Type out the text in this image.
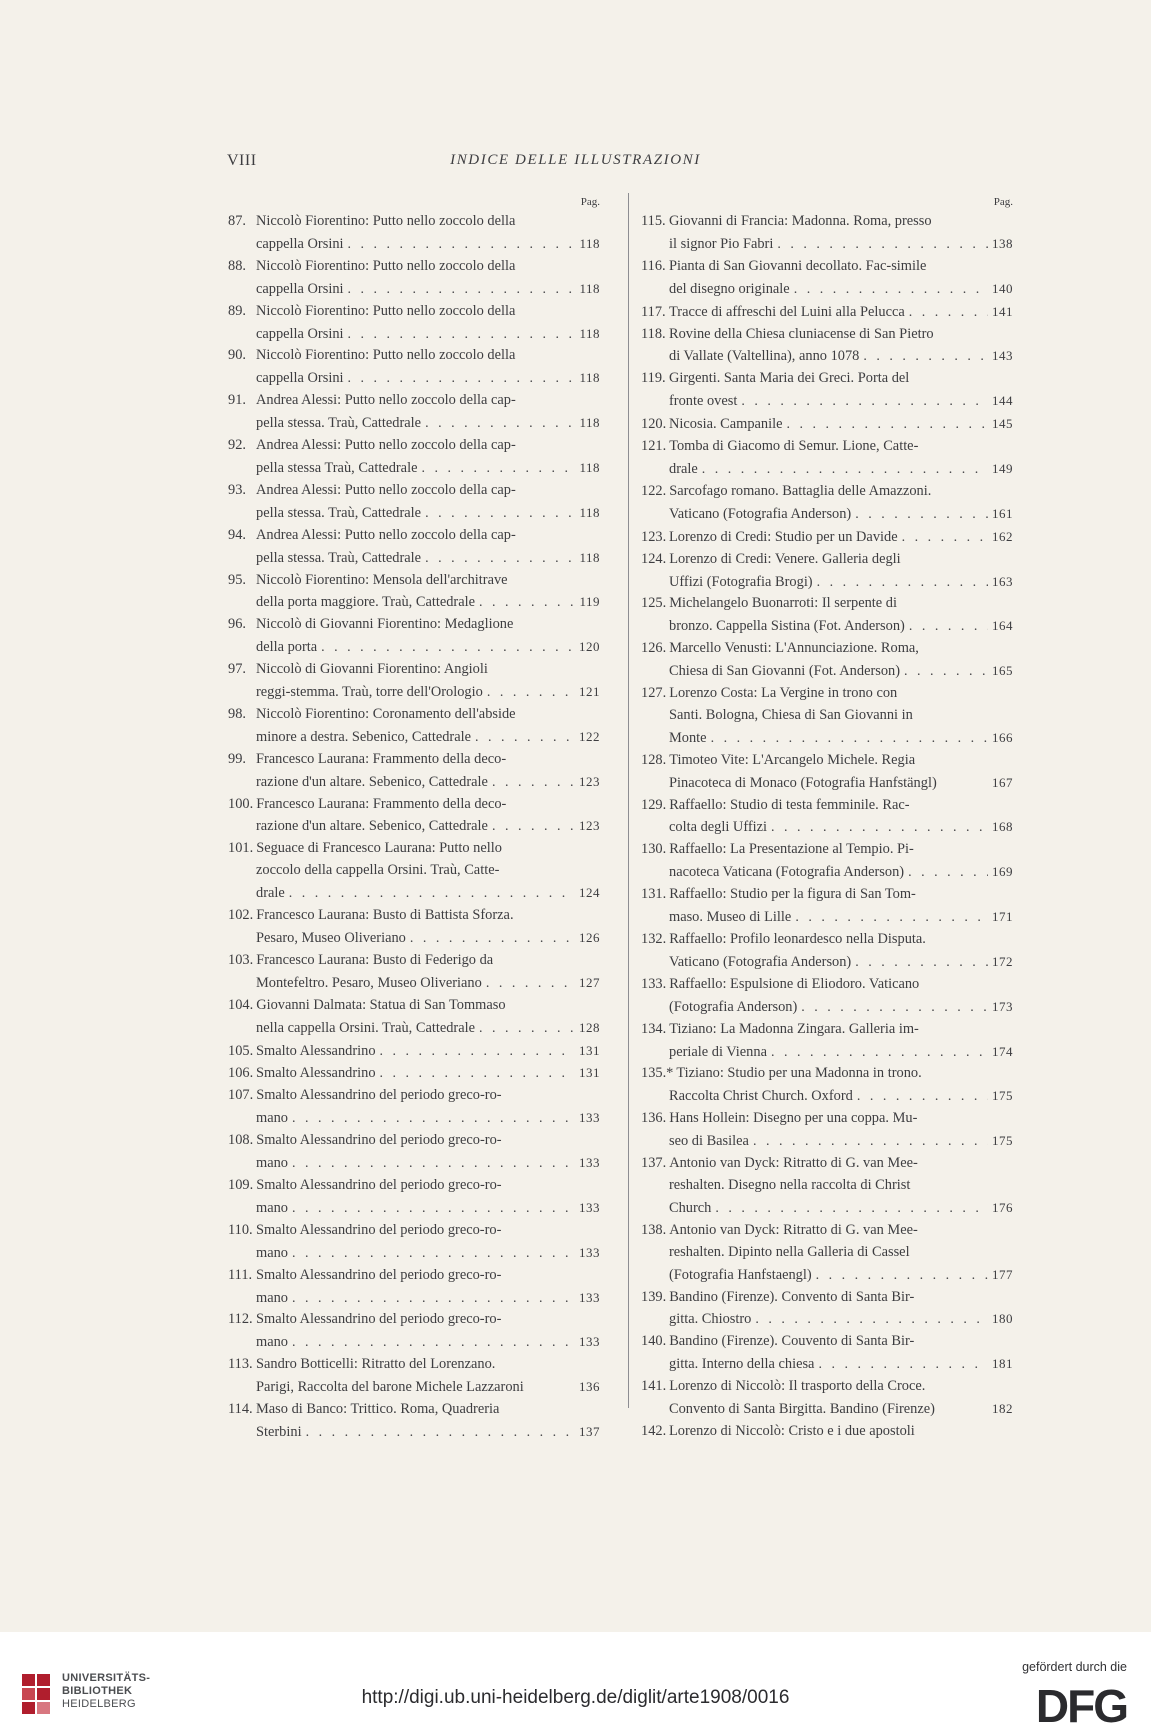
VIII	INDICE DELLE ILLUSTRAZIONI
Pag.
87. Niccolò Fiorentino: Putto nello zoccolo della
cappella Orsini . . .	118
88. Niccolò Fiorentino: Putto nello zoccolo della
cappella Orsini . . .	118
89. Niccolò Fiorentino: Putto nello zoccolo della
cappella Orsini . . .	118
90. Niccolò Fiorentino: Putto nello zoccolo della
cappella Orsini . . .	118
91. Andrea Alessi: Putto nello zoccolo della cap-
pella stessa. Traù, Cattedrale . . .	118
92. Andrea Alessi: Putto nello zoccolo della cap-
pella stessa Traù, Cattedrale . . .	118
93. Andrea Alessi: Putto nello zoccolo della cap-
pella stessa. Traù, Cattedrale . . .	118
94. Andrea Alessi: Putto nello zoccolo della cap-
pella stessa. Traù, Cattedrale . . .	118
95. Niccolò Fiorentino: Mensola dell'architrave
della porta maggiore. Traù, Cattedrale . . .	119
96. Niccolò di Giovanni Fiorentino: Medaglione
della porta . . .	120
97. Niccolò di Giovanni Fiorentino: Angioli
reggi-stemma. Traù, torre dell'Orologio . . .	121
98. Niccolò Fiorentino: Coronamento dell'abside
minore a destra. Sebenico, Cattedrale . . .	122
99. Francesco Laurana: Frammento della deco-
razione d'un altare. Sebenico, Cattedrale . . .	123
100. Francesco Laurana: Frammento della deco-
razione d'un altare. Sebenico, Cattedrale . . .	123
101. Seguace di Francesco Laurana: Putto nello
zoccolo della cappella Orsini. Traù, Catte-
drale . . .	124
102. Francesco Laurana: Busto di Battista Sforza.
Pesaro, Museo Oliveriano . . .	126
103. Francesco Laurana: Busto di Federigo da
Montefeltro. Pesaro, Museo Oliveriano . . .	127
104. Giovanni Dalmata: Statua di San Tommaso
nella cappella Orsini. Traù, Cattedrale . . .	128
105. Smalto Alessandrino . . .	131
106. Smalto Alessandrino . . .	131
107. Smalto Alessandrino del periodo greco-ro-
mano . . .	133
108. Smalto Alessandrino del periodo greco-ro-
mano . . .	133
109. Smalto Alessandrino del periodo greco-ro-
mano . . .	133
110. Smalto Alessandrino del periodo greco-ro-
mano . . .	133
111. Smalto Alessandrino del periodo greco-ro-
mano . . .	133
112. Smalto Alessandrino del periodo greco-ro-
mano . . .	133
113. Sandro Botticelli: Ritratto del Lorenzano.
Parigi, Raccolta del barone Michele Lazzaroni	136
114. Maso di Banco: Trittico. Roma, Quadreria
Sterbini . . .	137
Pag.
115. Giovanni di Francia: Madonna. Roma, presso
il signor Pio Fabri . . .	138
116. Pianta di San Giovanni decollato. Fac-simile
del disegno originale . . .	140
117. Tracce di affreschi del Luini alla Pelucca . . .	141
118. Rovine della Chiesa cluniacense di San Pietro
di Vallate (Valtellina), anno 1078 . . .	143
119. Girgenti. Santa Maria dei Greci. Porta del
fronte ovest . . .	144
120. Nicosia. Campanile . . .	145
121. Tomba di Giacomo di Semur. Lione, Catte-
drale . . .	149
122. Sarcofago romano. Battaglia delle Amazzoni.
Vaticano (Fotografia Anderson) . . .	161
123. Lorenzo di Credi: Studio per un Davide . . .	162
124. Lorenzo di Credi: Venere. Galleria degli
Uffizi (Fotografia Brogi) . . .	163
125. Michelangelo Buonarroti: Il serpente di
bronzo. Cappella Sistina (Fot. Anderson) . . .	164
126. Marcello Venusti: L'Annunciazione. Roma,
Chiesa di San Giovanni (Fot. Anderson) . . .	165
127. Lorenzo Costa: La Vergine in trono con
Santi. Bologna, Chiesa di San Giovanni in
Monte . . .	166
128. Timoteo Vite: L'Arcangelo Michele. Regia
Pinacoteca di Monaco (Fotografia Hanfstängl)	167
129. Raffaello: Studio di testa femminile. Rac-
colta degli Uffizi . . .	168
130. Raffaello: La Presentazione al Tempio. Pi-
nacoteca Vaticana (Fotografia Anderson) . . .	169
131. Raffaello: Studio per la figura di San Tom-
maso. Museo di Lille . . .	171
132. Raffaello: Profilo leonardesco nella Disputa.
Vaticano (Fotografia Anderson) . . .	172
133. Raffaello: Espulsione di Eliodoro. Vaticano
(Fotografia Anderson) . . .	173
134. Tiziano: La Madonna Zingara. Galleria im-
periale di Vienna . . .	174
135.* Tiziano: Studio per una Madonna in trono.
Raccolta Christ Church. Oxford . . .	175
136. Hans Hollein: Disegno per una coppa. Mu-
seo di Basilea . . .	175
137. Antonio van Dyck: Ritratto di G. van Mee-
reshalten. Disegno nella raccolta di Christ
Church . . .	176
138. Antonio van Dyck: Ritratto di G. van Mee-
reshalten. Dipinto nella Galleria di Cassel
(Fotografia Hanfstaengl) . . .	177
139. Bandino (Firenze). Convento di Santa Bir-
gitta. Chiostro . . .	180
140. Bandino (Firenze). Couvento di Santa Bir-
gitta. Interno della chiesa . . .	181
141. Lorenzo di Niccolò: Il trasporto della Croce.
Convento di Santa Birgitta. Bandino (Firenze)	182
142. Lorenzo di Niccolò: Cristo e i due apostoli
UNIVERSITÄTS-
BIBLIOTHEK
HEIDELBERG	http://digi.ub.uni-heidelberg.de/diglit/arte1908/0016
gefördert durch die
DFG
